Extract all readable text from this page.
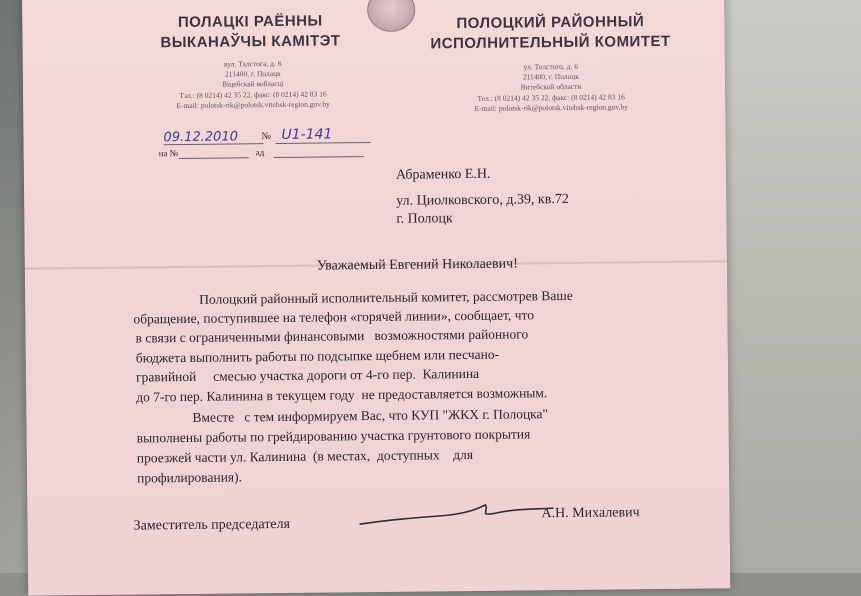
ПОЛАЦКІ РАЁННЫ
ВЫКАНАЎЧЫ КАМІТЭТ
вул. Талстога, д. 6
211400, г. Полацк
Віцебскай вобласці
Тэл.: (8 0214) 42 35 22, факс: (8 0214) 42 83 16
E-mail: polotsk-rik@polotsk.vitebsk-region.gov.by
ПОЛОЦКИЙ РАЙОННЫЙ
ИСПОЛНИТЕЛЬНЫЙ КОМИТЕТ
ул. Толстого, д. 6
211400, г. Полоцк
Витебской области
Тел.: (8 0214) 42 35 22, факс: (8 0214) 42 83 16
E-mail: polotsk-rik@polotsk.vitebsk-region.gov.by
09.12.2010 № U1-141
на №	ад
Абраменко Е.Н.
ул. Циолковского, д.39, кв.72
г. Полоцк
Уважаемый Евгений Николаевич!
Полоцкий районный исполнительный комитет, рассмотрев Ваше
обращение, поступившее на телефон «горячей линии», сообщает, что
в связи с ограниченными финансовыми   возможностями районного
бюджета выполнить работы по подсыпке щебнем или песчано-
гравийной     смесью участка дороги от 4-го пер.  Калинина
до 7-го пер. Калинина в текущем году  не предоставляется возможным.
Вместе   с тем информируем Вас, что КУП "ЖКХ г. Полоцка"
выполнены работы по грейдированию участка грунтового покрытия
проезжей части ул. Калинина  (в местах,  доступных    для
профилирования).
Заместитель председателя
А.Н. Михалевич
